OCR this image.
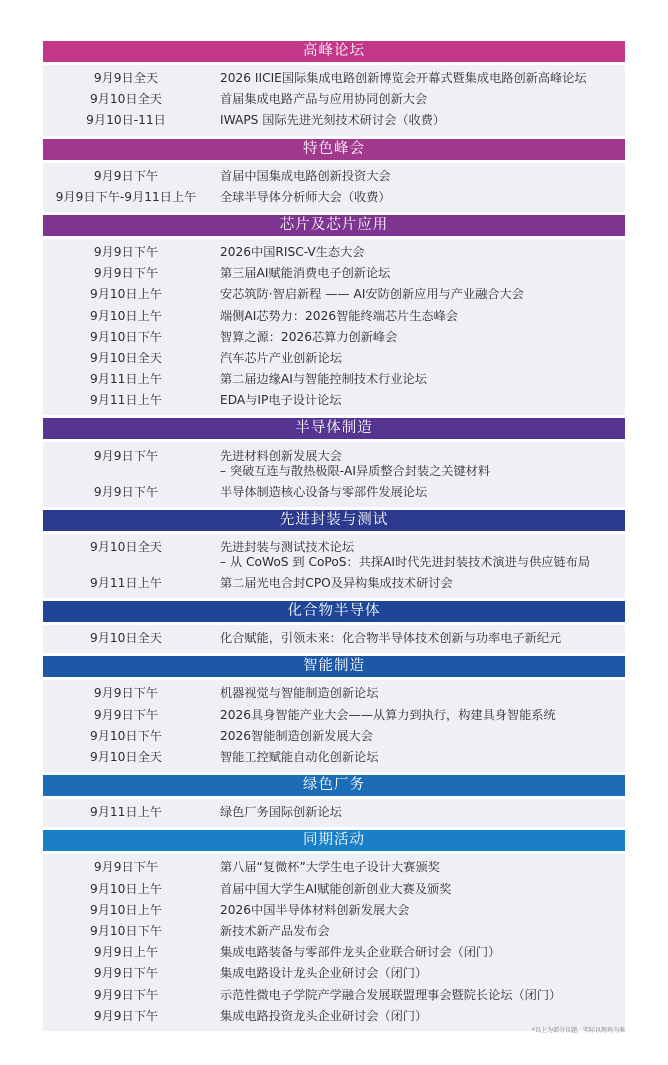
高峰论坛
9月9日全天	2026 IICIE国际集成电路创新博览会开幕式暨集成电路创新高峰论坛
9月10日全天	首届集成电路产品与应用协同创新大会
9月10日-11日	IWAPS 国际先进光刻技术研讨会（收费）
特色峰会
9月9日下午	首届中国集成电路创新投资大会
9月9日下午-9月11日上午	全球半导体分析师大会（收费）
芯片及芯片应用
9月9日下午	2026中国RISC-V生态大会
9月9日下午	第三届AI赋能消费电子创新论坛
9月10日上午	安芯筑防·智启新程 —— AI安防创新应用与产业融合大会
9月10日上午	端侧AI芯势力：2026智能终端芯片生态峰会
9月10日下午	智算之源：2026芯算力创新峰会
9月10日全天	汽车芯片产业创新论坛
9月11日上午	第二届边缘AI与智能控制技术行业论坛
9月11日上午	EDA与IP电子设计论坛
半导体制造
9月9日下午	先进材料创新发展大会
– 突破互连与散热极限-AI异质整合封装之关键材料
9月9日下午	半导体制造核心设备与零部件发展论坛
先进封装与测试
9月10日全天	先进封装与测试技术论坛
– 从 CoWoS 到 CoPoS：共探AI时代先进封装技术演进与供应链布局
9月11日上午	第二届光电合封CPO及异构集成技术研讨会
化合物半导体
9月10日全天	化合赋能，引领未来：化合物半导体技术创新与功率电子新纪元
智能制造
9月9日下午	机器视觉与智能制造创新论坛
9月9日下午	2026具身智能产业大会——从算力到执行，构建具身智能系统
9月10日下午	2026智能制造创新发展大会
9月10日全天	智能工控赋能自动化创新论坛
绿色厂务
9月11日上午	绿色厂务国际创新论坛
同期活动
9月9日下午	第八届“复微杯”大学生电子设计大赛颁奖
9月10日上午	首届中国大学生AI赋能创新创业大赛及颁奖
9月10日上午	2026中国半导体材料创新发展大会
9月10日下午	新技术新产品发布会
9月9日上午	集成电路装备与零部件龙头企业联合研讨会（闭门）
9月9日下午	集成电路设计龙头企业研讨会（闭门）
9月9日下午	示范性微电子学院产学融合发展联盟理事会暨院长论坛（闭门）
9月9日下午	集成电路投资龙头企业研讨会（闭门）
*以上为部分议题，实际以现场为准
